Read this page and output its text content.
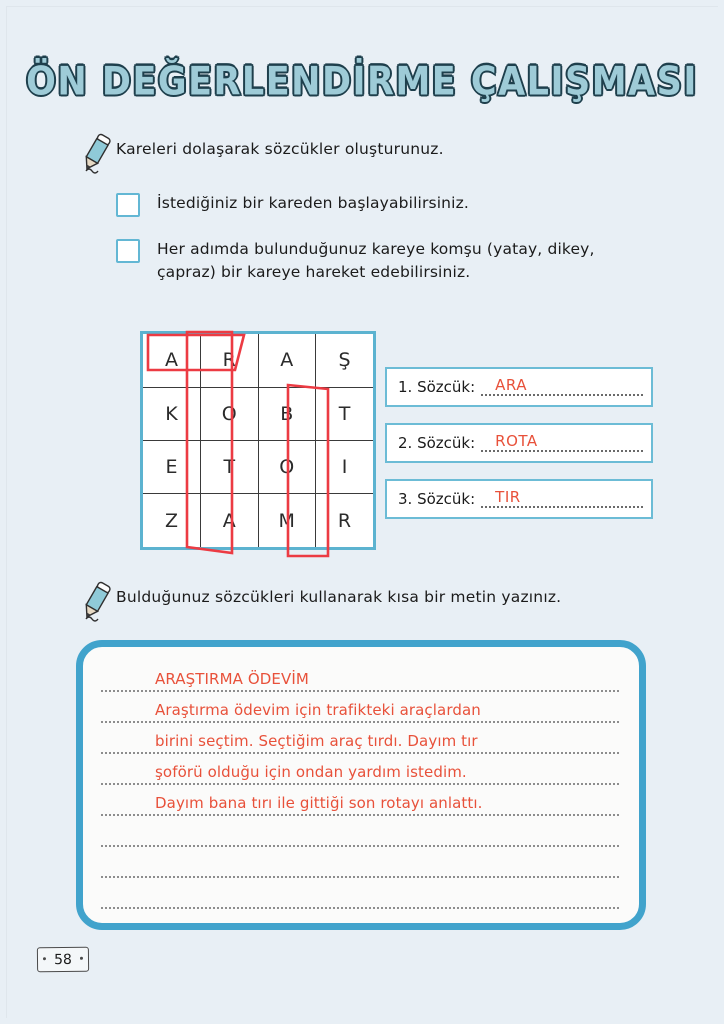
ÖN DEĞERLENDİRME ÇALIŞMASI
Kareleri dolaşarak sözcükler oluşturunuz.
İstediğiniz bir kareden başlayabilirsiniz.
Her adımda bulunduğunuz kareye komşu (yatay, dikey, çapraz) bir kareye hareket edebilirsiniz.
A	R	A	Ş
K	O	B	T
E	T	O	I
Z	A	M	R
1. Sözcük: ARA
2. Sözcük: ROTA
3. Sözcük: TIR
Bulduğunuz sözcükleri kullanarak kısa bir metin yazınız.
ARAŞTIRMA ÖDEVİM
Araştırma ödevim için trafikteki araçlardan
birini seçtim. Seçtiğim araç tırdı. Dayım tır
şoförü olduğu için ondan yardım istedim.
Dayım bana tırı ile gittiği son rotayı anlattı.
58
